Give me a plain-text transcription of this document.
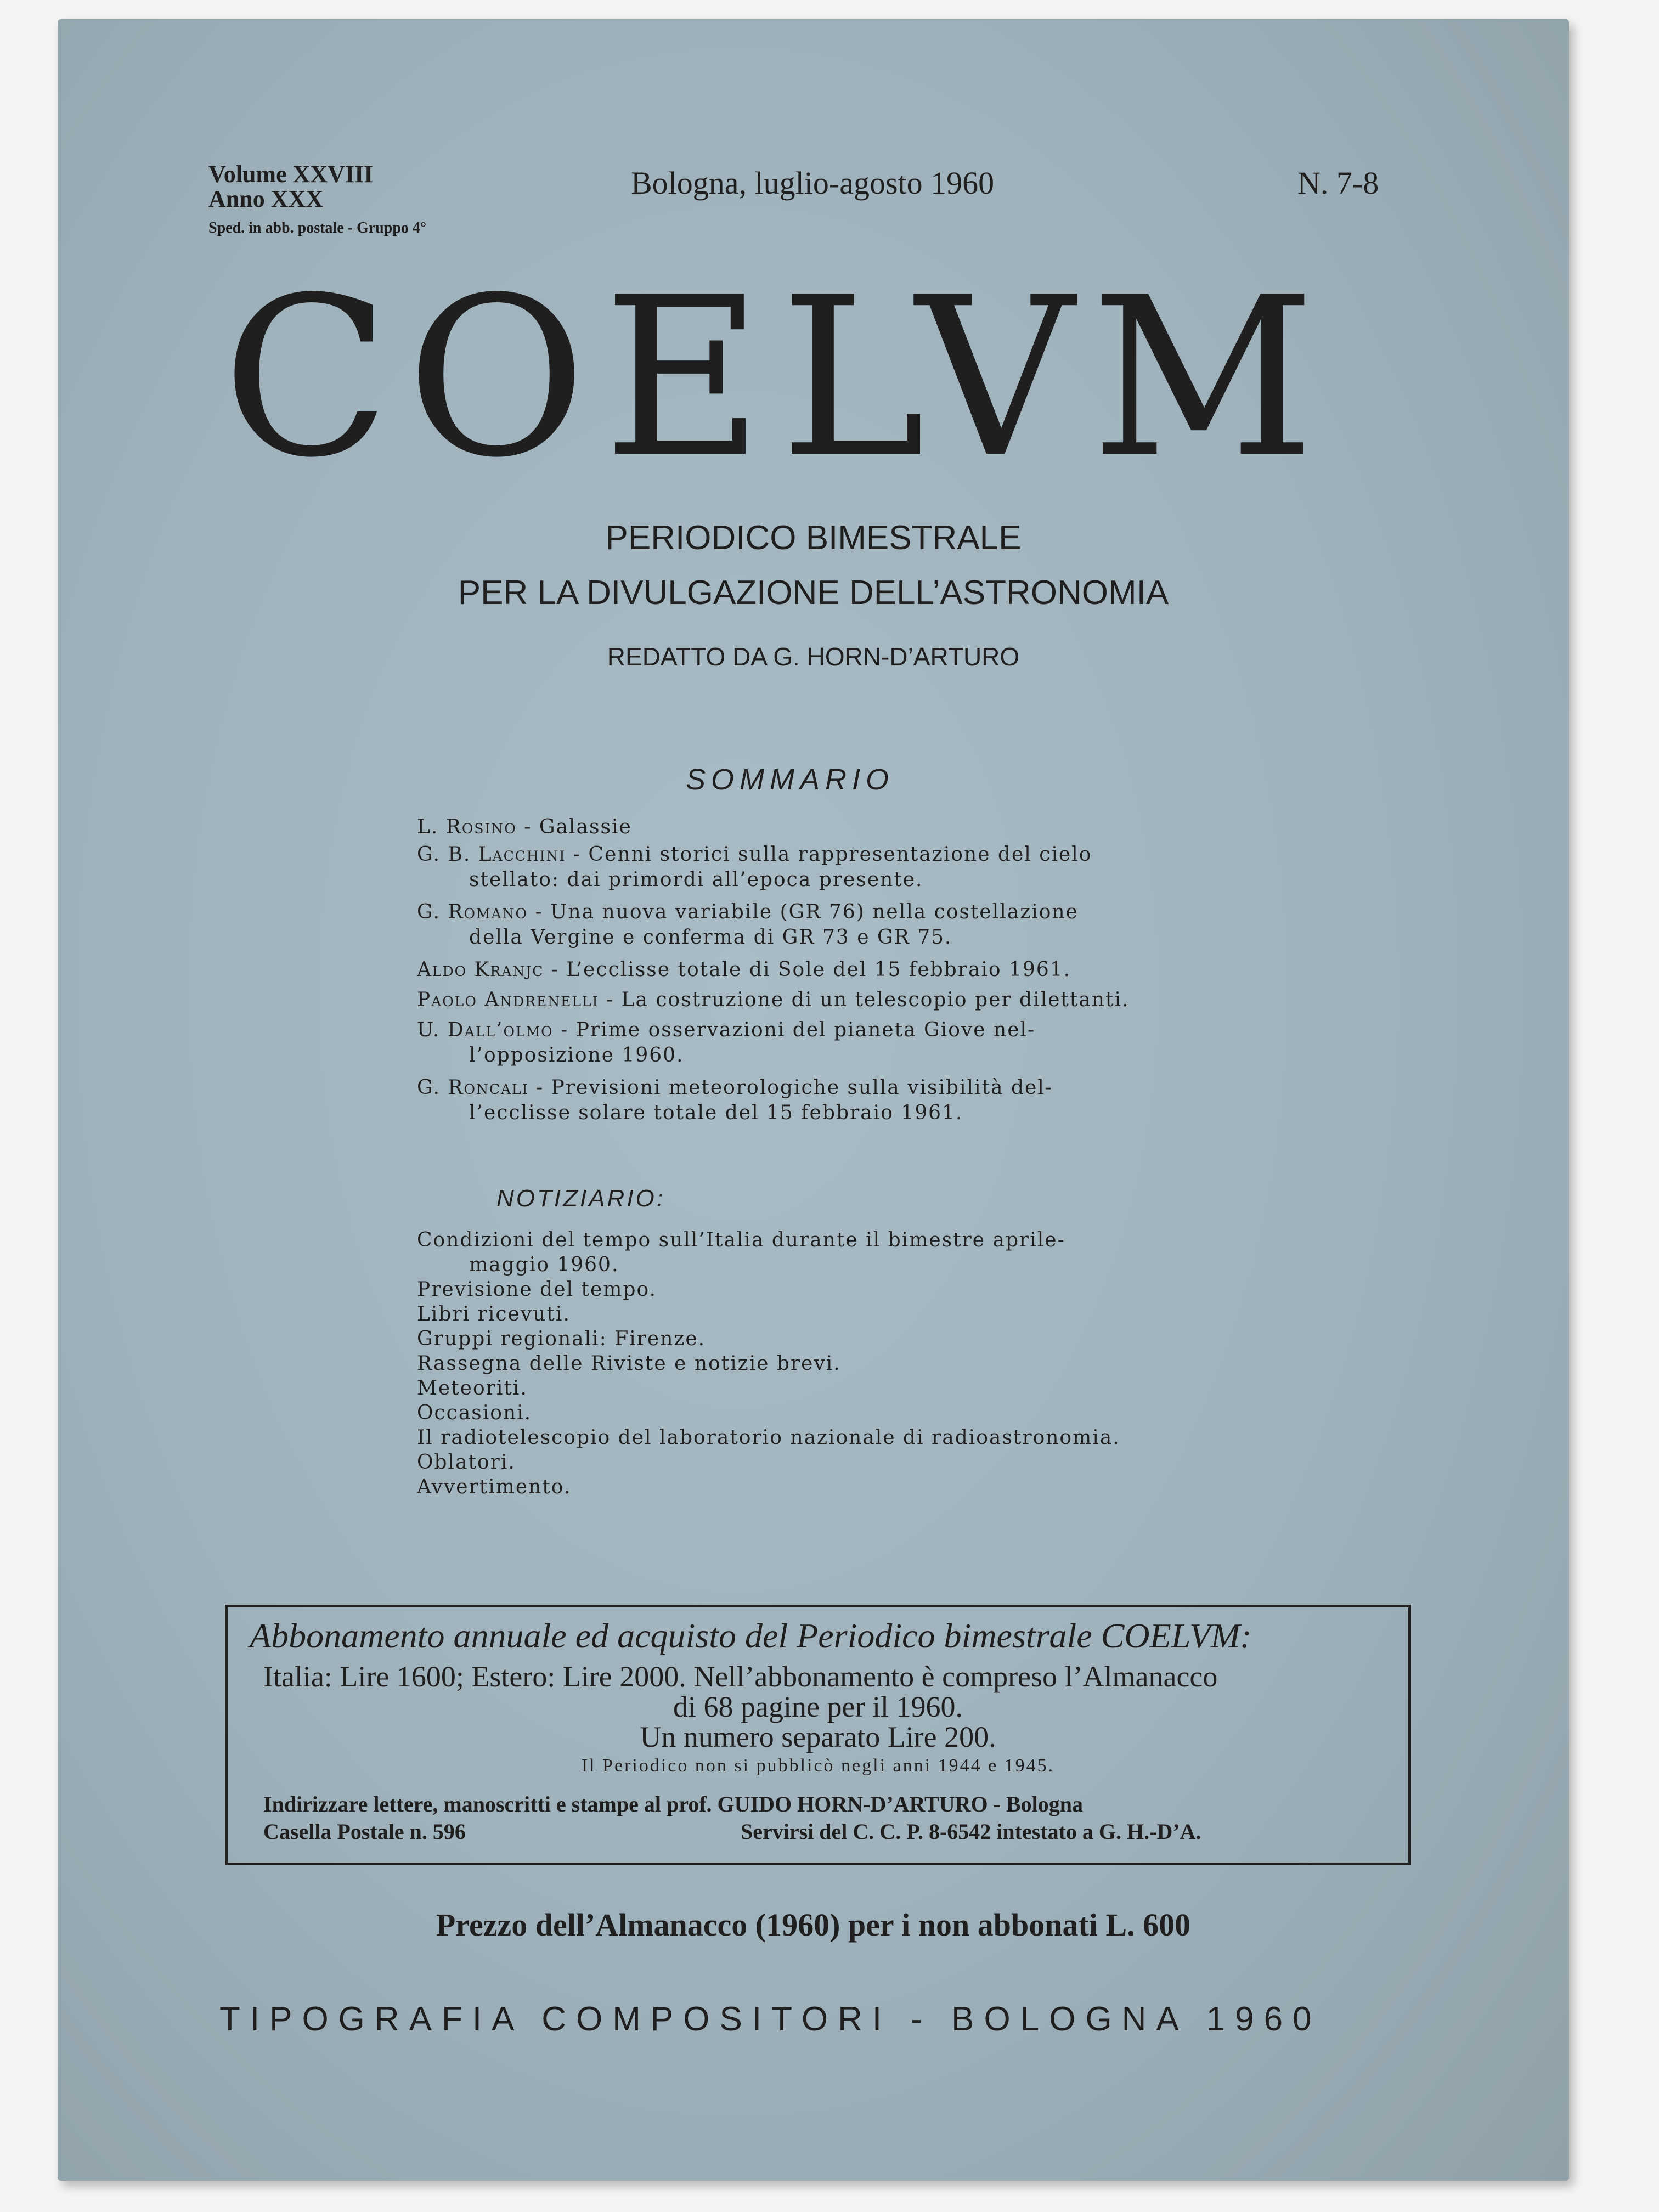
Volume XXVIII
Anno XXX
Sped. in abb. postale - Gruppo 4°
Bologna, luglio-agosto 1960	N. 7-8
COELVM
PERIODICO BIMESTRALE
PER LA DIVULGAZIONE DELL’ASTRONOMIA
REDATTO DA G. HORN-D’ARTURO
SOMMARIO
L. Rosino - Galassie
G. B. Lacchini - Cenni storici sulla rappresentazione del cielo
stellato: dai primordi all’epoca presente.
G. Romano - Una nuova variabile (GR 76) nella costellazione
della Vergine e conferma di GR 73 e GR 75.
Aldo Kranjc - L’ecclisse totale di Sole del 15 febbraio 1961.
Paolo Andrenelli - La costruzione di un telescopio per dilettanti.
U. Dall’olmo - Prime osservazioni del pianeta Giove nel-
l’opposizione 1960.
G. Roncali - Previsioni meteorologiche sulla visibilità del-
l’ecclisse solare totale del 15 febbraio 1961.
NOTIZIARIO:
Condizioni del tempo sull’Italia durante il bimestre aprile-
maggio 1960.
Previsione del tempo.
Libri ricevuti.
Gruppi regionali: Firenze.
Rassegna delle Riviste e notizie brevi.
Meteoriti.
Occasioni.
Il radiotelescopio del laboratorio nazionale di radioastronomia.
Oblatori.
Avvertimento.
Abbonamento annuale ed acquisto del Periodico bimestrale COELVM:
Italia: Lire 1600; Estero: Lire 2000. Nell’abbonamento è compreso l’Almanacco
di 68 pagine per il 1960.
Un numero separato Lire 200.
Il Periodico non si pubblicò negli anni 1944 e 1945.
Indirizzare lettere, manoscritti e stampe al prof. GUIDO HORN-D’ARTURO - Bologna
Casella Postale n. 596	Servirsi del C. C. P. 8-6542 intestato a G. H.-D’A.
Prezzo dell’Almanacco (1960) per i non abbonati L. 600
TIPOGRAFIA COMPOSITORI - BOLOGNA 1960
